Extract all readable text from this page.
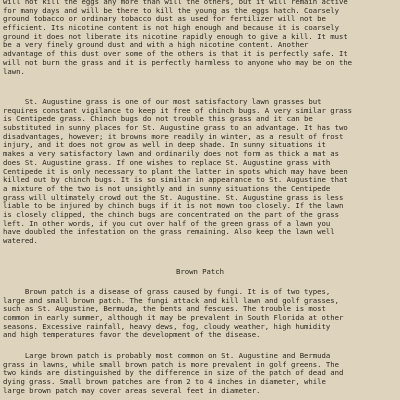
will not kill the eggs any more than will the others, but it will remain active
for many days and will be there to kill the young as the eggs hatch. Coarsely
ground tobacco or ordinary tobacco dust as used for fertilizer will not be
efficient. Its nicotine content is not high enough and because it is coarsely
ground it does not liberate its nicotine rapidly enough to give a kill. It must
be a very finely ground dust and with a high nicotine content. Another
advantage of this dust over some of the others is that it is perfectly safe. It
will not burn the grass and it is perfectly harmless to anyone who may be on the
lawn.
St. Augustine grass is one of our most satisfactory lawn grasses but
requires constant vigilance to keep it free of chinch bugs. A very similar grass
is Centipede grass. Chinch bugs do not trouble this grass and it can be
substituted in sunny places for St. Augustine grass to an advantage. It has two
disadvantages, however; it browns more readily in winter, as a result of frost
injury, and it does not grow as well in deep shade. In sunny situations it
makes a very satisfactory lawn and ordinarily does not form as thick a mat as
does St. Augustine grass. If one wishes to replace St. Augustine grass with
Centipede it is only necessary to plant the latter in spots which may have been
killed out by chinch bugs. It is so similar in appearance to St. Augustine that
a mixture of the two is not unsightly and in sunny situations the Centipede
grass will ultimately crowd out the St. Augustine. St. Augustine grass is less
liable to be injured by chinch bugs if it is not mown too closely. If the lawn
is closely clipped, the chinch bugs are concentrated on the part of the grass
left. In other words, if you cut over half of the green grass of a lawn you
have doubled the infestation on the grass remaining. Also keep the lawn well
watered.
Brown Patch
Brown patch is a disease of grass caused by fungi. It is of two types,
large and small brown patch. The fungi attack and kill lawn and golf grasses,
such as St. Augustine, Bermuda, the bents and fescues. The trouble is most
common in early summer, although it may be prevalent in South Florida at other
seasons. Excessive rainfall, heavy dews, fog, cloudy weather, high humidity
and high temperatures favor the development of the disease.
Large brown patch is probably most common on St. Augustine and Bermuda
grass in lawns, while small brown patch is more prevalent in golf greens. The
two kinds are distinguished by the difference in size of the patch of dead and
dying grass. Small brown patches are from 2 to 4 inches in diameter, while
large brown patch may cover areas several feet in diameter.
